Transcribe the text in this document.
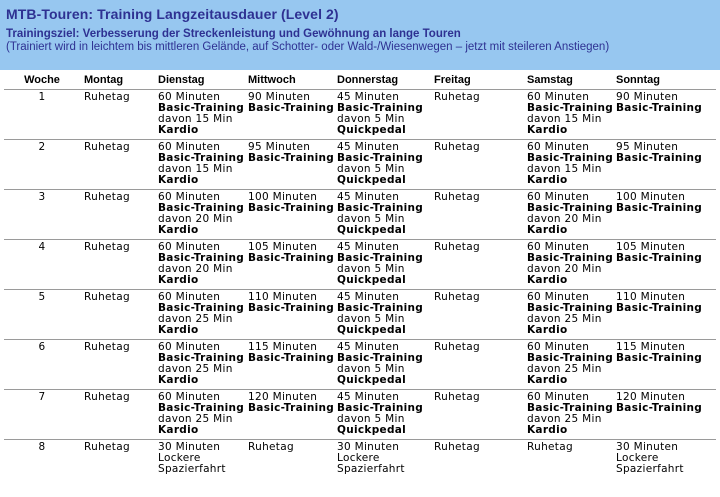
MTB-Touren: Training Langzeitausdauer (Level 2)
Trainingsziel: Verbesserung der Streckenleistung und Gewöhnung an lange Touren
(Trainiert wird in leichtem bis mittleren Gelände, auf Schotter- oder Wald-/Wiesenwegen – jetzt mit steileren Anstiegen)
Woche	Montag	Dienstag	Mittwoch	Donnerstag	Freitag	Samstag	Sonntag
1	Ruhetag	60 Minuten
Basic-Training
davon 15 Min
Kardio	90 Minuten
Basic-Training	45 Minuten
Basic-Training
davon 5 Min
Quickpedal	Ruhetag	60 Minuten
Basic-Training
davon 15 Min
Kardio	90 Minuten
Basic-Training

2	Ruhetag	60 Minuten
Basic-Training
davon 15 Min
Kardio	95 Minuten
Basic-Training	45 Minuten
Basic-Training
davon 5 Min
Quickpedal	Ruhetag	60 Minuten
Basic-Training
davon 15 Min
Kardio	95 Minuten
Basic-Training

3	Ruhetag	60 Minuten
Basic-Training
davon 20 Min
Kardio	100 Minuten
Basic-Training	45 Minuten
Basic-Training
davon 5 Min
Quickpedal	Ruhetag	60 Minuten
Basic-Training
davon 20 Min
Kardio	100 Minuten
Basic-Training

4	Ruhetag	60 Minuten
Basic-Training
davon 20 Min
Kardio	105 Minuten
Basic-Training	45 Minuten
Basic-Training
davon 5 Min
Quickpedal	Ruhetag	60 Minuten
Basic-Training
davon 20 Min
Kardio	105 Minuten
Basic-Training

5	Ruhetag	60 Minuten
Basic-Training
davon 25 Min
Kardio	110 Minuten
Basic-Training	45 Minuten
Basic-Training
davon 5 Min
Quickpedal	Ruhetag	60 Minuten
Basic-Training
davon 25 Min
Kardio	110 Minuten
Basic-Training

6	Ruhetag	60 Minuten
Basic-Training
davon 25 Min
Kardio	115 Minuten
Basic-Training	45 Minuten
Basic-Training
davon 5 Min
Quickpedal	Ruhetag	60 Minuten
Basic-Training
davon 25 Min
Kardio	115 Minuten
Basic-Training

7	Ruhetag	60 Minuten
Basic-Training
davon 25 Min
Kardio	120 Minuten
Basic-Training	45 Minuten
Basic-Training
davon 5 Min
Quickpedal	Ruhetag	60 Minuten
Basic-Training
davon 25 Min
Kardio	120 Minuten
Basic-Training

8	Ruhetag	30 Minuten
Lockere
Spazierfahrt	Ruhetag	30 Minuten
Lockere
Spazierfahrt	Ruhetag	Ruhetag	30 Minuten
Lockere
Spazierfahrt
